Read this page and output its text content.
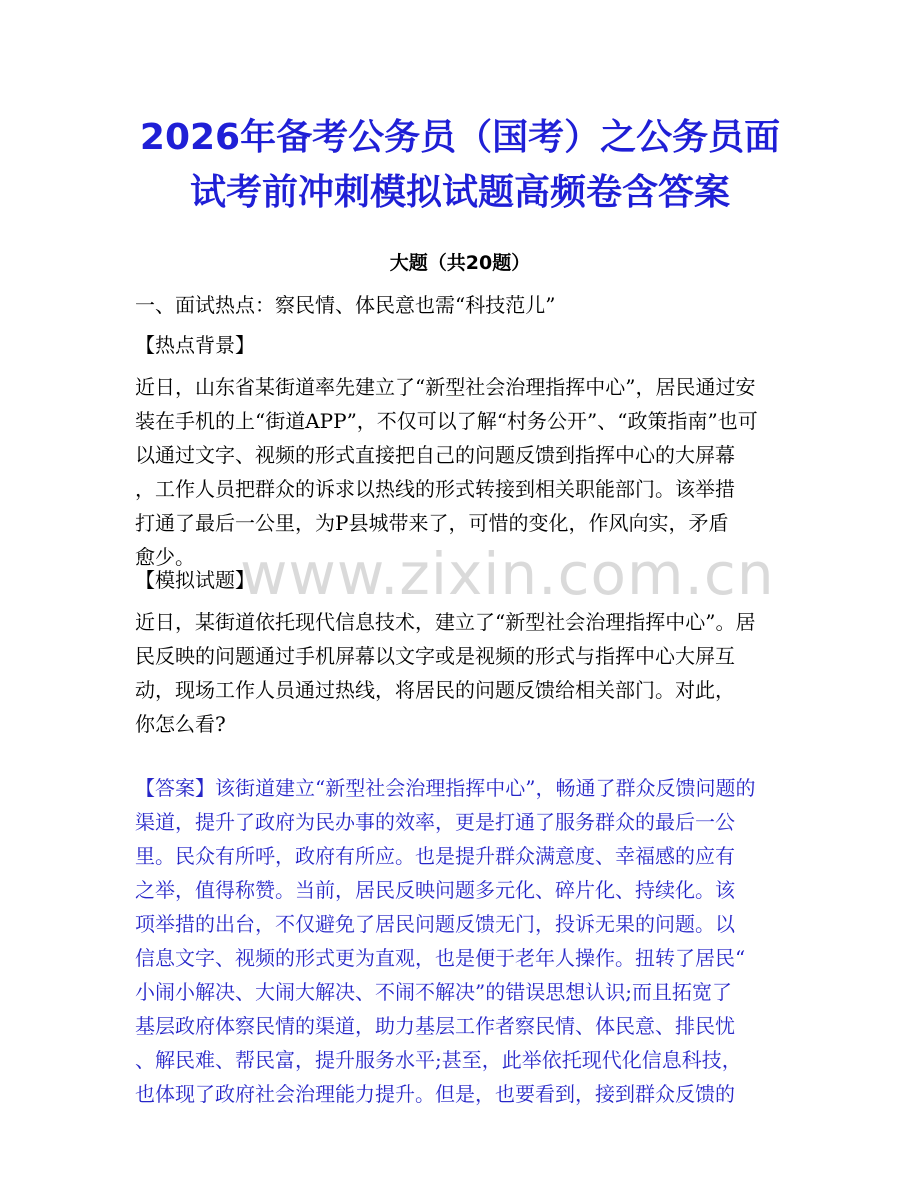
2026年备考公务员（国考）之公务员面
试考前冲刺模拟试题高频卷含答案
大题（共20题）

一、面试热点：察民情、体民意也需“科技范儿”

【热点背景】

近日，山东省某街道率先建立了“新型社会治理指挥中心”，居民通过安
装在手机的上“街道APP”，不仅可以了解“村务公开”、“政策指南”也可
以通过文字、视频的形式直接把自己的问题反馈到指挥中心的大屏幕
，工作人员把群众的诉求以热线的形式转接到相关职能部门。该举措
打通了最后一公里，为P县城带来了，可惜的变化，作风向实，矛盾
愈少。

【模拟试题】

近日，某街道依托现代信息技术，建立了“新型社会治理指挥中心”。居
民反映的问题通过手机屏幕以文字或是视频的形式与指挥中心大屏互
动，现场工作人员通过热线，将居民的问题反馈给相关部门。对此，
你怎么看?
【答案】该街道建立“新型社会治理指挥中心”，畅通了群众反馈问题的
渠道，提升了政府为民办事的效率，更是打通了服务群众的最后一公
里。民众有所呼，政府有所应。也是提升群众满意度、幸福感的应有
之举，值得称赞。当前，居民反映问题多元化、碎片化、持续化。该
项举措的出台，不仅避免了居民问题反馈无门，投诉无果的问题。以
信息文字、视频的形式更为直观，也是便于老年人操作。扭转了居民“
小闹小解决、大闹大解决、不闹不解决”的错误思想认识;而且拓宽了
基层政府体察民情的渠道，助力基层工作者察民情、体民意、排民忧
、解民难、帮民富，提升服务水平;甚至，此举依托现代化信息科技，
也体现了政府社会治理能力提升。但是，也要看到，接到群众反馈的
www.zixin.com.cn
